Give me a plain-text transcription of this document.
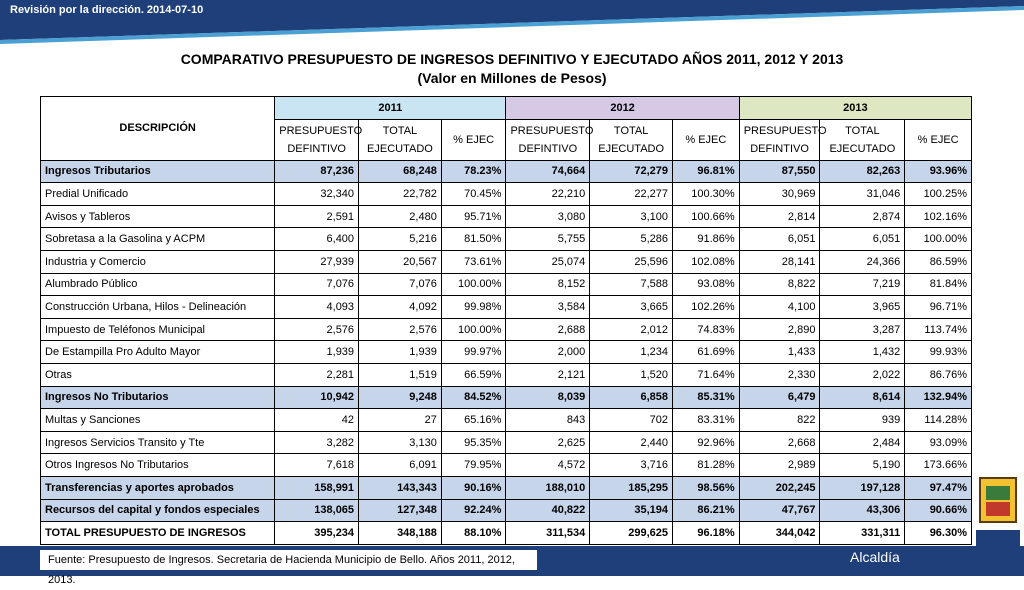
Revisión por la dirección. 2014-07-10
COMPARATIVO PRESUPUESTO DE INGRESOS DEFINITIVO Y EJECUTADO AÑOS 2011, 2012 Y 2013
(Valor en Millones de Pesos)
DESCRIPCIÓN	2011			2012			2013		
	PRESUPUESTO DEFINTIVO	TOTAL EJECUTADO	% EJEC	PRESUPUESTO DEFINTIVO	TOTAL EJECUTADO	% EJEC	PRESUPUESTO DEFINTIVO	TOTAL EJECUTADO	% EJEC
Ingresos Tributarios	87,236	68,248	78.23%	74,664	72,279	96.81%	87,550	82,263	93.96%
Predial Unificado	32,340	22,782	70.45%	22,210	22,277	100.30%	30,969	31,046	100.25%
Avisos y Tableros	2,591	2,480	95.71%	3,080	3,100	100.66%	2,814	2,874	102.16%
Sobretasa a la Gasolina y ACPM	6,400	5,216	81.50%	5,755	5,286	91.86%	6,051	6,051	100.00%
Industria y Comercio	27,939	20,567	73.61%	25,074	25,596	102.08%	28,141	24,366	86.59%
Alumbrado Público	7,076	7,076	100.00%	8,152	7,588	93.08%	8,822	7,219	81.84%
Construcción Urbana, Hilos - Delineación	4,093	4,092	99.98%	3,584	3,665	102.26%	4,100	3,965	96.71%
Impuesto de Teléfonos Municipal	2,576	2,576	100.00%	2,688	2,012	74.83%	2,890	3,287	113.74%
De Estampilla Pro Adulto Mayor	1,939	1,939	99.97%	2,000	1,234	61.69%	1,433	1,432	99.93%
Otras	2,281	1,519	66.59%	2,121	1,520	71.64%	2,330	2,022	86.76%
Ingresos No Tributarios	10,942	9,248	84.52%	8,039	6,858	85.31%	6,479	8,614	132.94%
Multas y Sanciones	42	27	65.16%	843	702	83.31%	822	939	114.28%
Ingresos Servicios Transito y Tte	3,282	3,130	95.35%	2,625	2,440	92.96%	2,668	2,484	93.09%
Otros Ingresos No Tributarios	7,618	6,091	79.95%	4,572	3,716	81.28%	2,989	5,190	173.66%
Transferencias y aportes aprobados	158,991	143,343	90.16%	188,010	185,295	98.56%	202,245	197,128	97.47%
Recursos del capital y fondos especiales	138,065	127,348	92.24%	40,822	35,194	86.21%	47,767	43,306	90.66%
TOTAL PRESUPUESTO DE INGRESOS	395,234	348,188	88.10%	311,534	299,625	96.18%	344,042	331,311	96.30%
Fuente: Presupuesto de Ingresos. Secretaria de Hacienda Municipio de Bello. Años 2011, 2012, 2013.
Alcaldía
